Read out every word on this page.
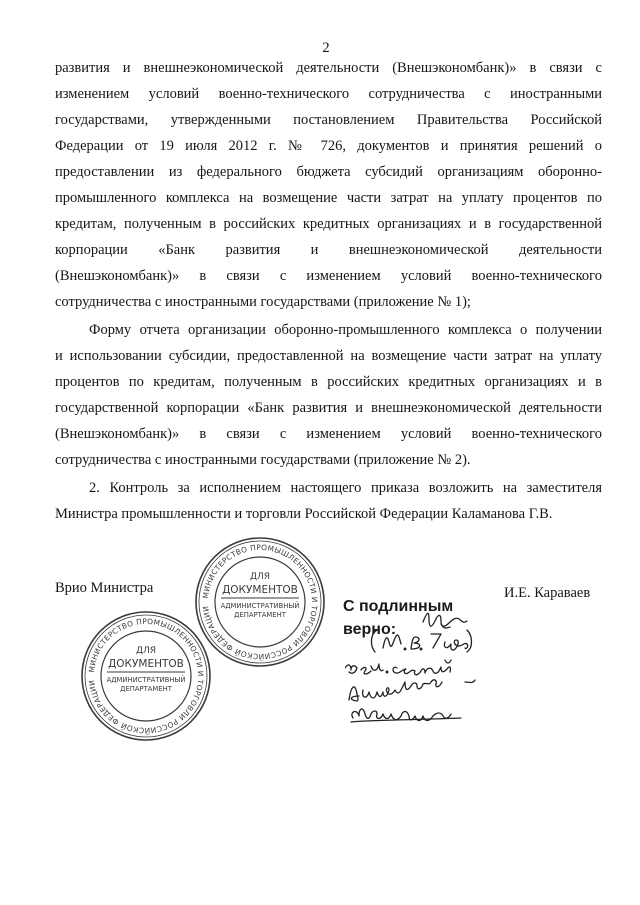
2

развития и внешнеэкономической деятельности (Внешэкономбанк)» в связи с

изменением условий военно-технического сотрудничества с иностранными

государствами, утвержденными постановлением Правительства Российской

Федерации от 19 июля 2012 г. № 726, документов и принятия решений о

предоставлении из федерального бюджета субсидий организациям оборонно-

промышленного комплекса на возмещение части затрат на уплату процентов по

кредитам, полученным в российских кредитных организациях и в государственной

корпорации «Банк развития и внешнеэкономической деятельности

(Внешэкономбанк)» в связи с изменением условий военно-технического

сотрудничества с иностранными государствами (приложение № 1);

Форму отчета организации оборонно-промышленного комплекса о получении

и использовании субсидии, предоставленной на возмещение части затрат на уплату

процентов по кредитам, полученным в российских кредитных организациях и в

государственной корпорации «Банк развития и внешнеэкономической деятельности

(Внешэкономбанк)» в связи с изменением условий военно-технического

сотрудничества с иностранными государствами (приложение № 2).

2. Контроль за исполнением настоящего приказа возложить на заместителя

Министра промышленности и торговли Российской Федерации Каламанова Г.В.

Врио Министра	И.Е. Караваев
МИНИСТЕРСТВО ПРОМЫШЛЕННОСТИ И ТОРГОВЛИ РОССИЙСКОЙ ФЕДЕРАЦИИ
ДЛЯ
ДОКУМЕНТОВ
АДМИНИСТРАТИВНЫЙ
ДЕПАРТАМЕНТ
МИНИСТЕРСТВО ПРОМЫШЛЕННОСТИ И ТОРГОВЛИ РОССИЙСКОЙ ФЕДЕРАЦИИ
ДЛЯ
ДОКУМЕНТОВ
АДМИНИСТРАТИВНЫЙ
ДЕПАРТАМЕНТ
С подлинным
верно:
